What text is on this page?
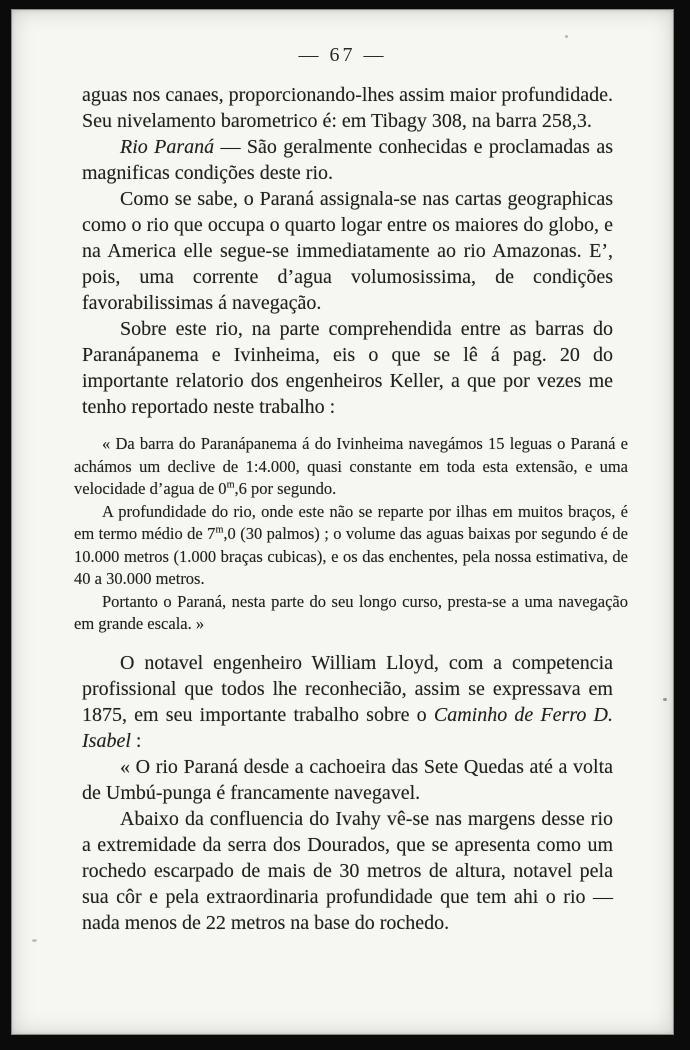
— 67 —

aguas nos canaes, proporcionando-lhes assim maior profundidade. Seu nivelamento barometrico é: em Tibagy 308, na barra 258,3.

Rio Paraná — São geralmente conhecidas e proclamadas as magnificas condições deste rio.

Como se sabe, o Paraná assignala-se nas cartas geographicas como o rio que occupa o quarto logar entre os maiores do globo, e na America elle segue-se immediatamente ao rio Amazonas. E’, pois, uma corrente d’agua volumosissima, de condições favorabilissimas á navegação.

Sobre este rio, na parte comprehendida entre as barras do Paranápanema e Ivinheima, eis o que se lê á pag. 20 do importante relatorio dos engenheiros Keller, a que por vezes me tenho reportado neste trabalho :

« Da barra do Paranápanema á do Ivinheima navegámos 15 leguas o Paraná e achámos um declive de 1:4.000, quasi constante em toda esta extensão, e uma velocidade d’agua de 0$^m$,6 por segundo.

A profundidade do rio, onde este não se reparte por ilhas em muitos braços, é em termo médio de 7$^m$,0 (30 palmos) ; o volume das aguas baixas por segundo é de 10.000 metros (1.000 braças cubicas), e os das enchentes, pela nossa estimativa, de 40 a 30.000 metros.

Portanto o Paraná, nesta parte do seu longo curso, presta-se a uma navegação em grande escala. »

O notavel engenheiro William Lloyd, com a competencia profissional que todos lhe reconhecião, assim se expressava em 1875, em seu importante trabalho sobre o Caminho de Ferro D. Isabel :

« O rio Paraná desde a cachoeira das Sete Quedas até a volta de Umbú-punga é francamente navegavel.

Abaixo da confluencia do Ivahy vê-se nas margens desse rio a extremidade da serra dos Dourados, que se apresenta como um rochedo escarpado de mais de 30 metros de altura, notavel pela sua côr e pela extraordinaria profundidade que tem ahi o rio — nada menos de 22 metros na base do rochedo.
